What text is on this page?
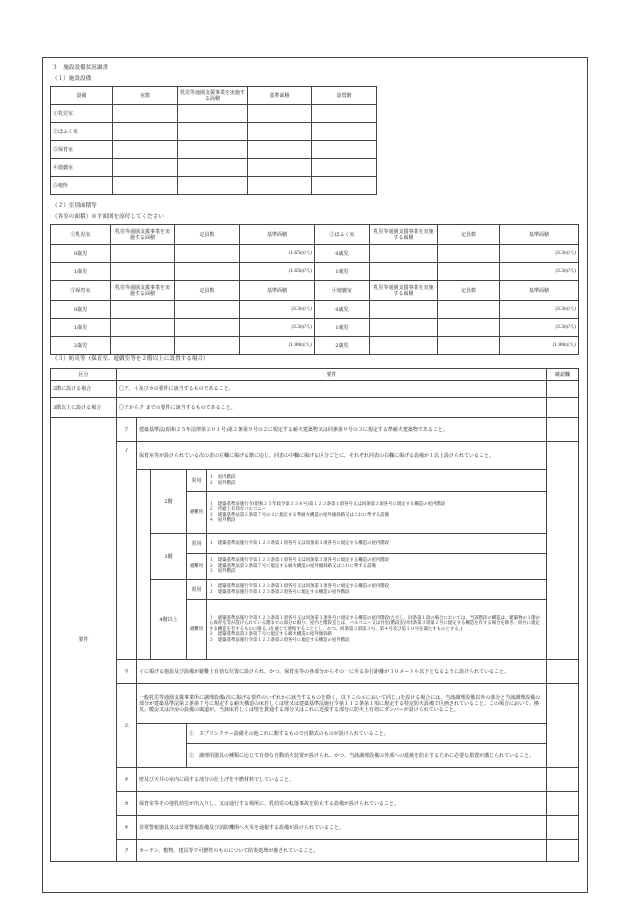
３　施設設備状況調書
（１）施設設備
設備	室数	乳児等通園支援事業を実施する面積	基準面積	設置階
①乳児室				
②ほふく室				
③保育室				
④遊戯室				
⑤便所				
（２）室別面積等
（各室の面積）※平面図を添付してください
①乳児室	乳児等通園支援事業を実施する面積	定員数	基準面積	②ほふく室	乳児等通園支援事業を実施する面積	定員数	基準面積
0歳児			(1.65㎡/人)	0歳児			(3.3㎡/人)
1歳児			(1.65㎡/人)	1歳児			(3.3㎡/人)
③保育室	乳児等通園支援事業を実施する面積	定員数	基準面積	④遊戯室	乳児等通園支援事業を実施する面積	定員数	基準面積
0歳児			(3.3㎡/人)	0歳児			(3.3㎡/人)
1歳児			(3.3㎡/人)	1歳児			(3.3㎡/人)
2歳児			(1.98㎡/人)	2歳児			(1.98㎡/人)
（３）防災等（保育室、遊戯室等を２階以上に設置する場合）
区分	要件					確認欄
2階に設ける場合	〇ア、イ及びカの要件に該当するものであること。					
3階以上に設ける場合	〇アからク までの要件に該当するものであること。					
要件	ア	建築基準法(昭和２５年法律第２０１号)第２条第９号の２に規定する耐火建築物又は同条第９号の３に規定する準耐火建築物であること。				
	イ	保育室等が設けられている次の表の左欄に掲げる階に応じ、同表の中欄に掲げる区分ごとに、それぞれ同表の右欄に掲げる設備が１以上設けられていること。				
			2階	常用	１　屋内階段
２　屋外階段	
				避難用	１　建築基準法施行令(昭和２５年政令第３３８号)第１２３条第１項各号又は同条第３項各号に規定する構造の屋内階段
２　待避上有効なバルコニー
３　建築基準法第２条第７号の２に規定する準耐火構造の屋外傾斜路又はこれに準ずる設備
４　屋外階段	
			3階	常用	１　建築基準法施行令第１２３条第１項各号又は同条第３項各号に規定する構造の屋内階段	
				避難用	１　建築基準法施行令第１２３条第１項各号又は同条第３項各号に規定する構造の屋内階段
２　建築基準法第２条第７号に規定する耐火構造の屋外傾斜路又はこれに準ずる設備
３　屋外階段	
			4階以上	常用	１　建築基準法施行令第１２３条第１項各号又は同条第３項各号に規定する構造の屋内階段
２　建築基準法施行令第１２３条第２項各号に規定する構造の屋外階段	
				避難用	１　建築基準法施行令第１２３条第１項各号又は同条第３項各号に規定する構造の屋内階段(ただし、同条第１項の場合においては、当該階段の構造は、建築物の１階から保育室等が設けられている階までの部分に限り、屋内と階段室とは、バルコニー又は付室(階段室が同条第３項第２号に規定する構造を有する場合を除き、同号に規定する構造を有するものに限る。)を通じて連絡することとし、かつ、同条第３項第３号、第４号及び第１０号を満たすものとする。)
２　建築基準法第２条第７号に規定する耐火構造の屋外傾斜路
３　建築基準法施行令第１２３条第２項各号に規定する構造の屋外階段	
	ウ	イに掲げる施設及び設備が避難上有効な位置に設けられ、かつ、保育室等の各部分からその一に至る歩行距離が３０メートル以下となるように設けられていること。				
	エ	一般乳児等通園支援事業所に調理設備(次に掲げる要件のいずれかに該当するものを除く。以下このエにおいて同じ。)を設ける場合には、当該調理設備以外の部分と当該調理設備の部分が建築基準法第２条第７号に規定する耐火構造の床若しくは壁又は建築基準法施行令第１１２条第１項に規定する特定防火設備で区画されていること。この場合において、換気、暖房又は冷房の設備の風道が、当該床若しくは壁を貫通する部分又はこれに近接する部分に防火上有効にダンパーが設けられていること。				
				①　スプリンクラー設備その他これに類するもので自動式のものが設けられていること。		
				②　調理用器具の種類に応じて有効な自動消火装置が設けられ、かつ、当該調理設備の外部への延焼を防止するために必要な措置が講じられていること。		
	オ	壁及び天井の室内に面する部分の仕上げを不燃材料でしていること。				
	カ	保育室等その他乳幼児が出入りし、又は通行する場所に、乳幼児の転落事故を防止する設備が設けられていること。				
	キ	非常警報器具又は非常警報設備及び消防機関へ火災を通報する設備が設けられていること。				
	ク	カーテン、敷物、建具等で可燃性のものについて防炎処理が施されていること。				
